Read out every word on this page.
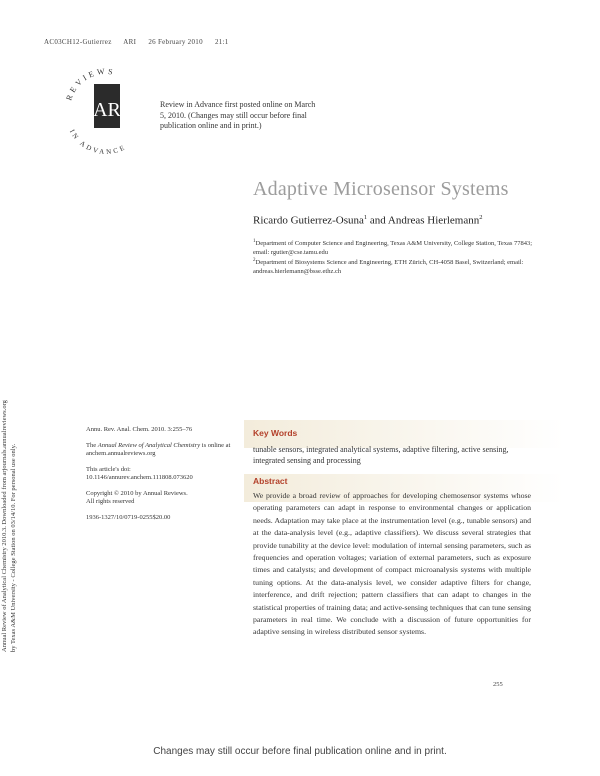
AC03CH12-Gutierrez ARI 26 February 2010 21:1
REVIEWS
IN ADVANCE
AR	Review in Advance first posted online on March 5, 2010. (Changes may still occur before final publication online and in print.)
Annual Review of Analytical Chemistry 2010.3. Downloaded from arjournals.annualreviews.org by Texas A&M University - College Station on 03/14/10. For personal use only.
Adaptive Microsensor Systems
Ricardo Gutierrez-Osuna$^1$ and Andreas Hierlemann$^2$
$^1$Department of Computer Science and Engineering, Texas A&M University, College Station, Texas 77843; email: rgutier@cse.tamu.edu
$^2$Department of Biosystems Science and Engineering, ETH Zürich, CH-4058 Basel, Switzerland; email: andreas.hierlemann@bsse.ethz.ch

Annu. Rev. Anal. Chem. 2010. 3:255–76

The Annual Review of Analytical Chemistry is online at anchem.annualreviews.org

This article's doi:
10.1146/annurev.anchem.111808.073620

Copyright © 2010 by Annual Reviews.
All rights reserved

1936-1327/10/0719-0255$20.00

Key Words
tunable sensors, integrated analytical systems, adaptive filtering, active sensing, integrated sensing and processing
Abstract
We provide a broad review of approaches for developing chemosensor systems whose operating parameters can adapt in response to environmental changes or application needs. Adaptation may take place at the instrumentation level (e.g., tunable sensors) and at the data-analysis level (e.g., adaptive classifiers). We discuss several strategies that provide tunability at the device level: modulation of internal sensing parameters, such as frequencies and operation voltages; variation of external parameters, such as exposure times and catalysts; and development of compact microanalysis systems with multiple tuning options. At the data-analysis level, we consider adaptive filters for change, interference, and drift rejection; pattern classifiers that can adapt to changes in the statistical properties of training data; and active-sensing techniques that can tune sensing parameters in real time. We conclude with a discussion of future opportunities for adaptive sensing in wireless distributed sensor systems.
255
Changes may still occur before final publication online and in print.
